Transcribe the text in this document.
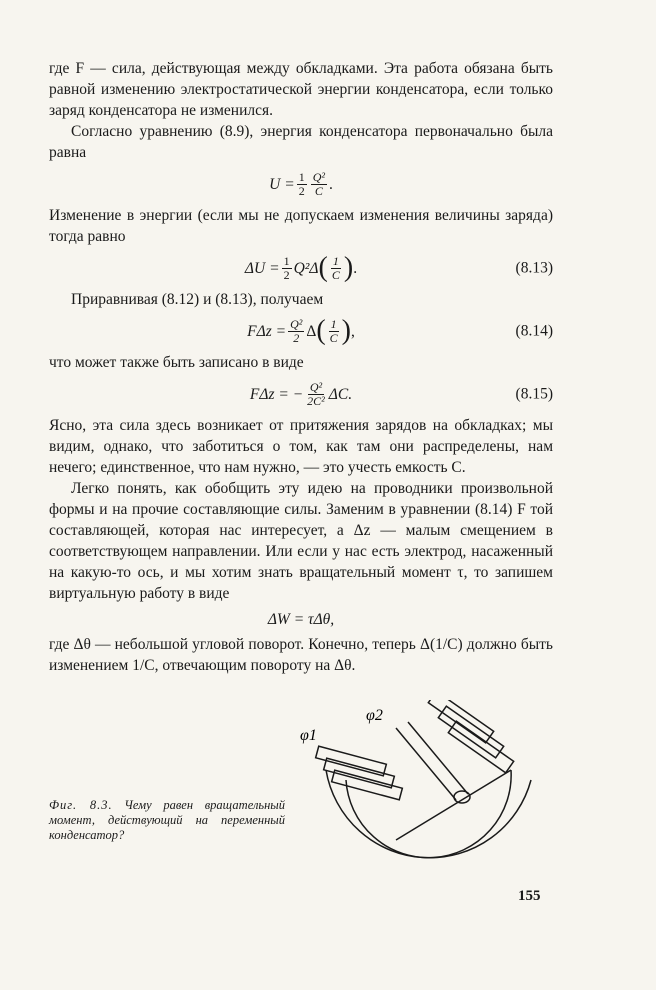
где F — сила, действующая между обкладками. Эта работа обязана быть равной изменению электростатической энергии конденсатора, если только заряд конденсатора не изменился.

Согласно уравнению (8.9), энергия конденсатора первоначально была равна

$U = \frac{1}{2} \frac{\text{Q²}}{C}$ .

Изменение в энергии (если мы не допускаем изменения величины заряда) тогда равно

$\Delta U = \frac{1}{2} Q^2\Delta$ ( $\frac{1}{C}$ ) .	(8.13)

Приравнивая (8.12) и (8.13), получаем

$F\Delta z = \frac{\text{Q²}}{2}$ Δ ( $\frac{1}{C}$ ) ,	(8.14)

что может также быть записано в виде

FΔz = − $\frac{\text{Q²}}{\text{2C²}} \Delta C$.	(8.15)

Ясно, эта сила здесь возникает от притяжения зарядов на обкладках; мы видим, однако, что заботиться о том, как там они распределены, нам нечего; единственное, что нам нужно, — это учесть емкость C.

Легко понять, как обобщить эту идею на проводники произвольной формы и на прочие составляющие силы. Заменим в уравнении (8.14) F той составляющей, которая нас интересует, а Δz — малым смещением в соответствующем направлении. Или если у нас есть электрод, насаженный на какую-то ось, и мы хотим знать вращательный момент τ, то запишем виртуальную работу в виде

ΔW = τΔθ,

где Δθ — небольшой угловой поворот. Конечно, теперь Δ(1/C) должно быть изменением 1/C, отвечающим повороту на Δθ.

φ1
φ2
Фиг. 8.3. Чему равен вращательный момент, действующий на переменный конденсатор?
155
